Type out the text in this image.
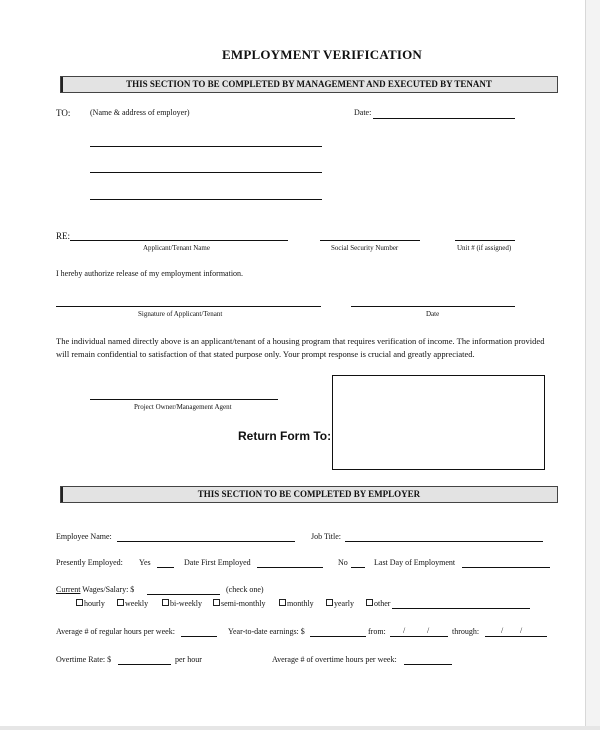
EMPLOYMENT VERIFICATION
THIS SECTION TO BE COMPLETED BY MANAGEMENT AND EXECUTED BY TENANT
TO: (Name & address of employer)	Date:
RE:
Applicant/Tenant Name	Social Security Number	Unit # (if assigned)
I hereby authorize release of my employment information.
Signature of Applicant/Tenant	Date
The individual named directly above is an applicant/tenant of a housing program that requires verification of income. The information provided will remain confidential to satisfaction of that stated purpose only. Your prompt response is crucial and greatly appreciated.
Project Owner/Management Agent
Return Form To:
THIS SECTION TO BE COMPLETED BY EMPLOYER
Employee Name:	Job Title:
Presently Employed: Yes	Date First Employed	No	Last Day of Employment
Current Wages/Salary: $	(check one)
hourly	weekly	bi-weekly	semi-monthly	monthly	yearly	other
Average # of regular hours per week:	Year-to-date earnings: $	from: /	/	through:	/ /
Overtime Rate: $	per hour	Average # of overtime hours per week:
